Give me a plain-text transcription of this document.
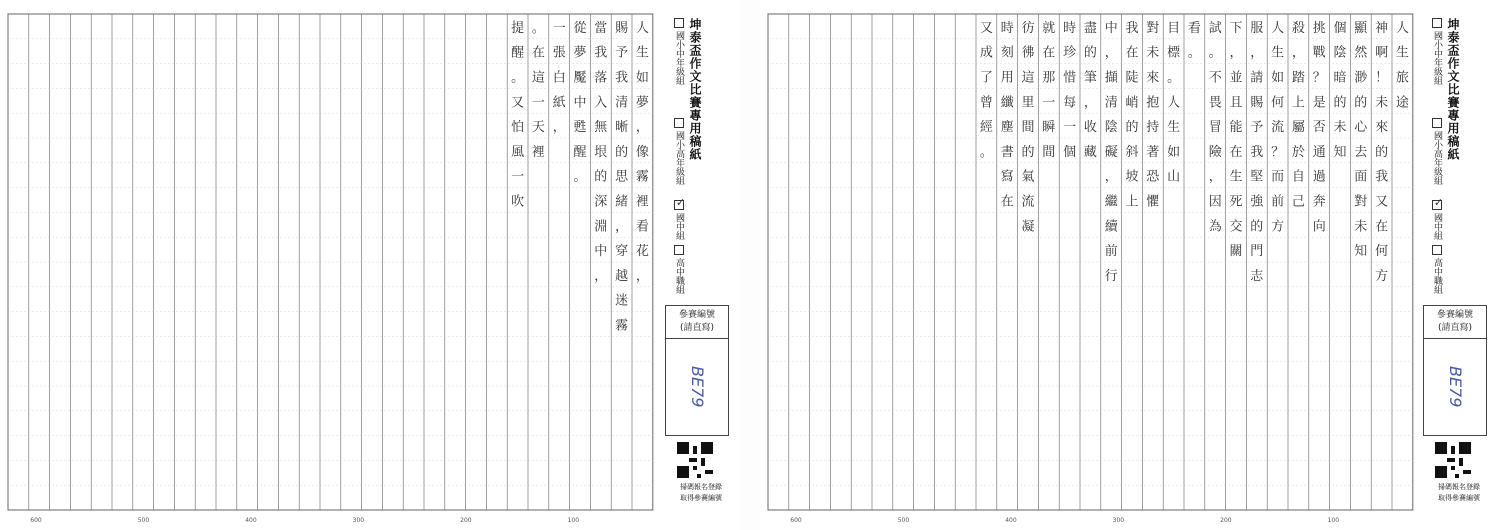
人
生
如
夢
，
像
霧
裡
看
花
，
賜
予
我
清
晰
的
思
緒
，
穿
越
迷
霧
當
我
落
入
無
垠
的
深
淵
中
，
從
夢
魘
中
甦
醒
。
一
張
白
紙
，
。
在
這
一
天
裡
提
醒
。
又
怕
風
一
吹
600	500	400	300	200	100
坤泰盃作文比賽專用稿紙
國小中年級組
國小高年級組
✓國中組
高中職組
參賽編號
(請直寫)
BE79
掃碼報名登錄
取得參賽編號
人
生
旅
途
神
啊
！
未
來
的
我
又
在
何
方
顯
然
渺
的
心
去
面
對
未
知
個
陰
暗
的
未
知
挑
戰
？
是
否
通
過
奔
向
殺
，
踏
上
屬
於
自
己
人
生
如
何
流
？
而
前
方
服
，
請
賜
予
我
堅
強
的
門
志
下
，
並
且
能
在
生
死
交
關
試
。
不
畏
冒
險
，
因
為
看
。
目
標
。
人
生
如
山
對
未
來
抱
持
著
恐
懼
我
在
陡
峭
的
斜
坡
上
中
，
擷
清
陰
礙
，
繼
續
前
行
盡
的
筆
，
收
藏
時
珍
惜
每
一
個
就
在
那
一
瞬
間
彷
彿
這
里
間
的
氣
流
凝
時
刻
用
纖
塵
書
寫
在
又
成
了
曾
經
。
600	500	400	300	200	100
坤泰盃作文比賽專用稿紙
國小中年級組
國小高年級組
✓國中組
高中職組
參賽編號
(請直寫)
BE79
掃碼報名登錄
取得參賽編號
